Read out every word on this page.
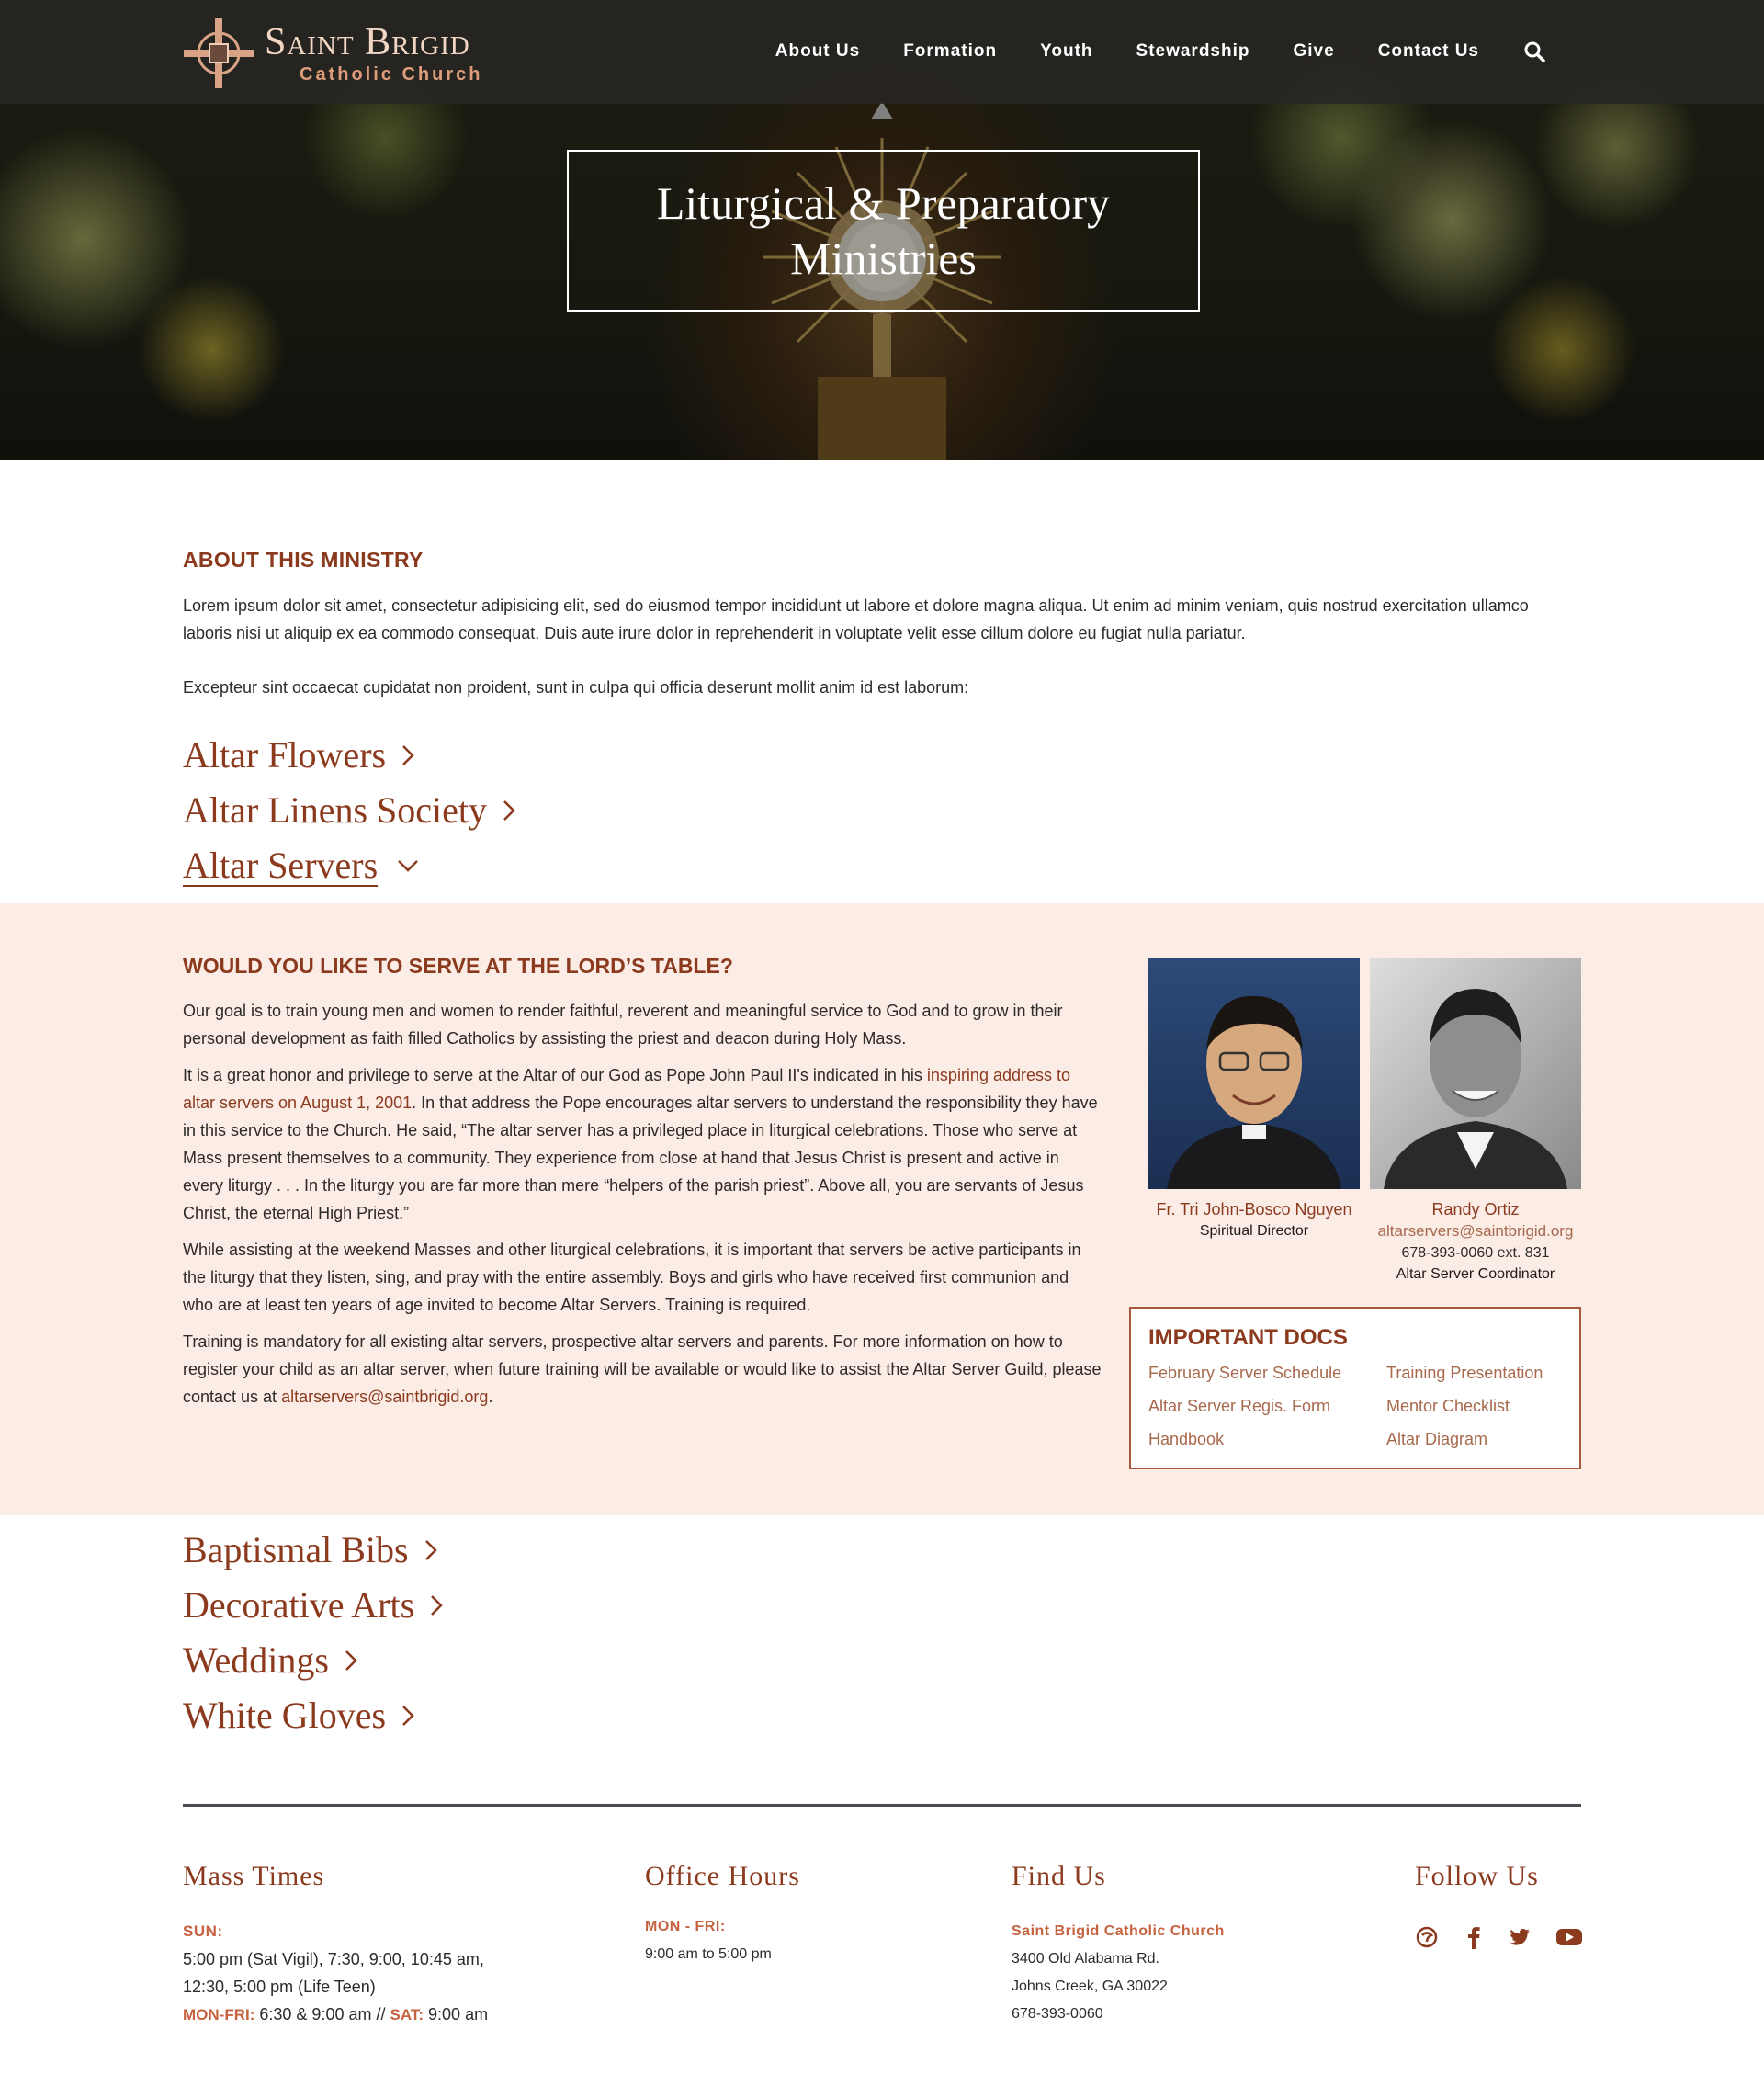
Saint Brigid
Catholic Church
About Us Formation Youth Stewardship Give Contact Us
Liturgical & Preparatory
Ministries
ABOUT THIS MINISTRY
Lorem ipsum dolor sit amet, consectetur adipisicing elit, sed do eiusmod tempor incididunt ut labore et dolore magna aliqua. Ut enim ad minim veniam, quis nostrud exercitation ullamco laboris nisi ut aliquip ex ea commodo consequat. Duis aute irure dolor in reprehenderit in voluptate velit esse cillum dolore eu fugiat nulla pariatur.
Excepteur sint occaecat cupidatat non proident, sunt in culpa qui officia deserunt mollit anim id est laborum:
Altar Flowers
Altar Linens Society
Altar Servers
WOULD YOU LIKE TO SERVE AT THE LORD’S TABLE?

Our goal is to train young men and women to render faithful, reverent and meaningful service to God and to grow in their personal development as faith filled Catholics by assisting the priest and deacon during Holy Mass.

It is a great honor and privilege to serve at the Altar of our God as Pope John Paul II's indicated in his inspiring address to altar servers on August 1, 2001. In that address the Pope encourages altar servers to understand the responsibility they have in this service to the Church. He said, “The altar server has a privileged place in liturgical celebrations. Those who serve at Mass present themselves to a community. They experience from close at hand that Jesus Christ is present and active in every liturgy . . . In the liturgy you are far more than mere “helpers of the parish priest”. Above all, you are servants of Jesus Christ, the eternal High Priest.”

While assisting at the weekend Masses and other liturgical celebrations, it is important that servers be active participants in the liturgy that they listen, sing, and pray with the entire assembly. Boys and girls who have received first communion and who are at least ten years of age invited to become Altar Servers. Training is required.

Training is mandatory for all existing altar servers, prospective altar servers and parents. For more information on how to register your child as an altar server, when future training will be available or would like to assist the Altar Server Guild, please contact us at altarservers@saintbrigid.org.

Fr. Tri John-Bosco Nguyen
Spiritual Director
Randy Ortiz
altarservers@saintbrigid.org
678-393-0060 ext. 831
Altar Server Coordinator
IMPORTANT DOCS
February Server Schedule
Altar Server Regis. Form
Handbook
Training Presentation
Mentor Checklist
Altar Diagram
Baptismal Bibs
Decorative Arts
Weddings
White Gloves
Mass Times
SUN:
5:00 pm (Sat Vigil), 7:30, 9:00, 10:45 am,
12:30, 5:00 pm (Life Teen)
MON-FRI: 6:30 & 9:00 am // SAT: 9:00 am
Office Hours
MON - FRI:
9:00 am to 5:00 pm
Find Us
Saint Brigid Catholic Church
3400 Old Alabama Rd.
Johns Creek, GA 30022
678-393-0060
Follow Us
